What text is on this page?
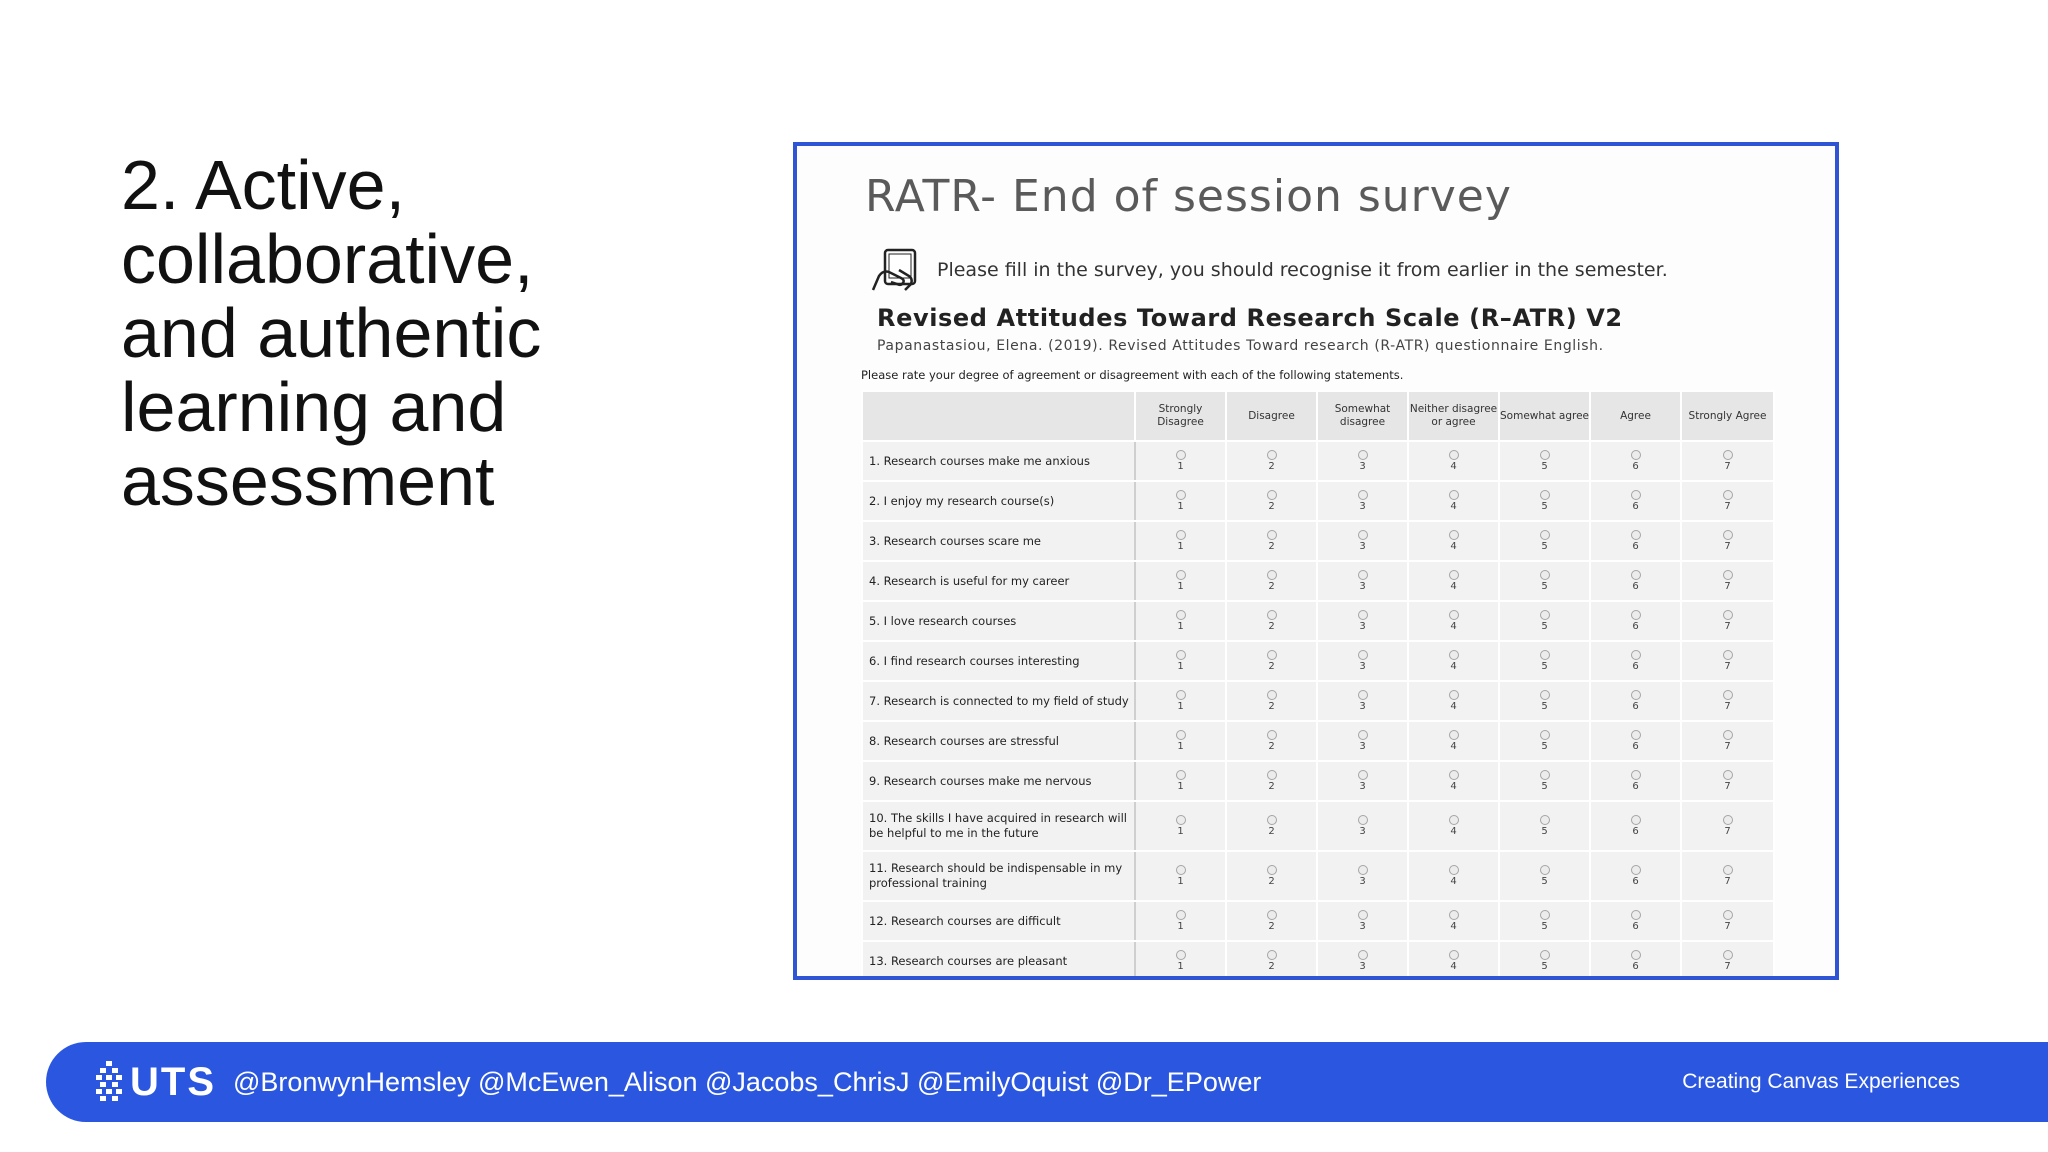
2. Active,
collaborative,
and authentic
learning and
assessment
RATR- End of session survey
Please fill in the survey, you should recognise it from earlier in the semester.
Revised Attitudes Toward Research Scale (R–ATR) V2
Papanastasiou, Elena. (2019). Revised Attitudes Toward research (R-ATR) questionnaire English.
Please rate your degree of agreement or disagreement with each of the following statements.
	Strongly Disagree	Disagree	Somewhat disagree	Neither disagree or agree	Somewhat agree	Agree	Strongly Agree
1. Research courses make me anxious	1	2	3	4	5	6	7

2. I enjoy my research course(s)	1	2	3	4	5	6	7

3. Research courses scare me	1	2	3	4	5	6	7

4. Research is useful for my career	1	2	3	4	5	6	7

5. I love research courses	1	2	3	4	5	6	7

6. I find research courses interesting	1	2	3	4	5	6	7

7. Research is connected to my field of study	1	2	3	4	5	6	7

8. Research courses are stressful	1	2	3	4	5	6	7

9. Research courses make me nervous	1	2	3	4	5	6	7

10. The skills I have acquired in research will be helpful to me in the future	1	2	3	4	5	6	7

11. Research should be indispensable in my professional training	1	2	3	4	5	6	7

12. Research courses are difficult	1	2	3	4	5	6	7

13. Research courses are pleasant	1	2	3	4	5	6	7
UTS @BronwynHemsley @McEwen_Alison @Jacobs_ChrisJ @EmilyOquist @Dr_EPower	Creating Canvas Experiences
